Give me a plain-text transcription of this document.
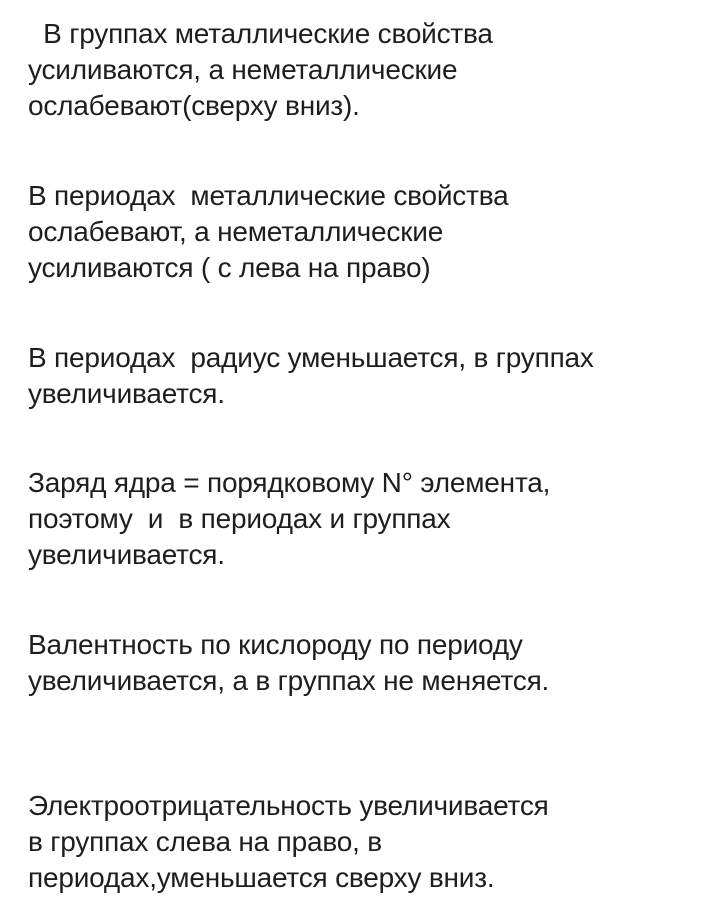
В группах металлические свойства
усиливаются, а неметаллические
ослабевают(сверху вниз).

В периодах  металлические свойства
ослабевают, а неметаллические
усиливаются ( с лева на право)

В периодах  радиус уменьшается, в группах
увеличивается.

Заряд ядра = порядковому N° элемента,
поэтому  и  в периодах и группах
увеличивается.

Валентность по кислороду по периоду
увеличивается, а в группах не меняется.

Электроотрицательность увеличивается
в группах слева на право, в
периодах,уменьшается сверху вниз.
